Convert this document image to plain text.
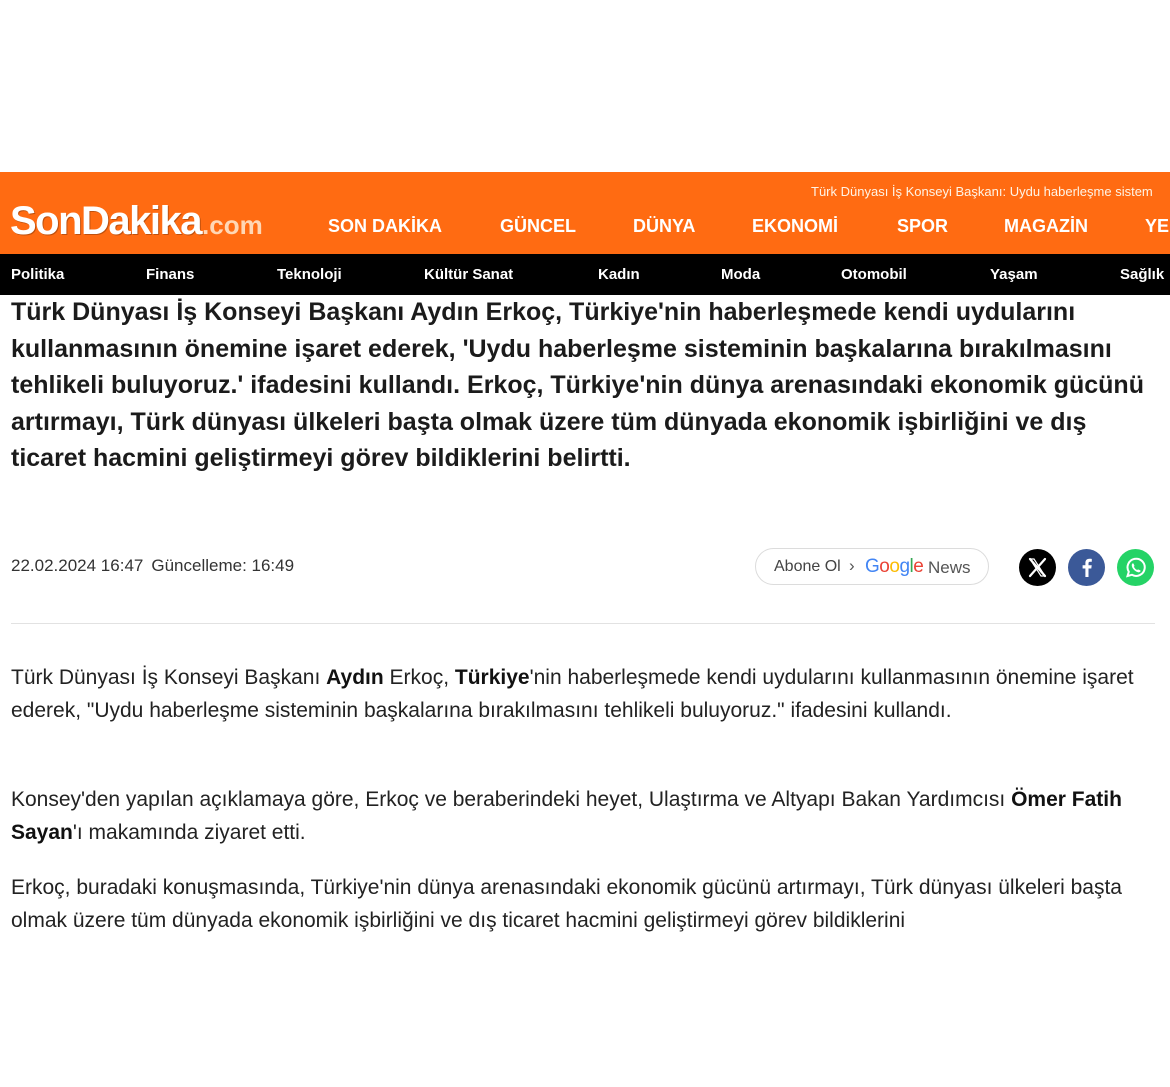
Türk Dünyası İş Konseyi Başkanı: Uydu haberleşme sistem
SonDakika.com	SON DAKİKA	GÜNCEL	DÜNYA	EKONOMİ	SPOR	MAGAZİN	YE
Politika	Finans	Teknoloji	Kültür Sanat	Kadın	Moda	Otomobil	Yaşam	Sağlık
Türk Dünyası İş Konseyi Başkanı Aydın Erkoç, Türkiye'nin haberleşmede kendi uydularını kullanmasının önemine işaret ederek, 'Uydu haberleşme sisteminin başkalarına bırakılmasını tehlikeli buluyoruz.' ifadesini kullandı. Erkoç, Türkiye'nin dünya arenasındaki ekonomik gücünü artırmayı, Türk dünyası ülkeleri başta olmak üzere tüm dünyada ekonomik işbirliğini ve dış ticaret hacmini geliştirmeyi görev bildiklerini belirtti.
22.02.2024 16:47 Güncelleme: 16:49	Abone Ol › Google News

Türk Dünyası İş Konseyi Başkanı Aydın Erkoç, Türkiye'nin haberleşmede kendi uydularını kullanmasının önemine işaret ederek, "Uydu haberleşme sisteminin başkalarına bırakılmasını tehlikeli buluyoruz." ifadesini kullandı.

Konsey'den yapılan açıklamaya göre, Erkoç ve beraberindeki heyet, Ulaştırma ve Altyapı Bakan Yardımcısı Ömer Fatih Sayan'ı makamında ziyaret etti.

Erkoç, buradaki konuşmasında, Türkiye'nin dünya arenasındaki ekonomik gücünü artırmayı, Türk dünyası ülkeleri başta olmak üzere tüm dünyada ekonomik işbirliğini ve dış ticaret hacmini geliştirmeyi görev bildiklerini
